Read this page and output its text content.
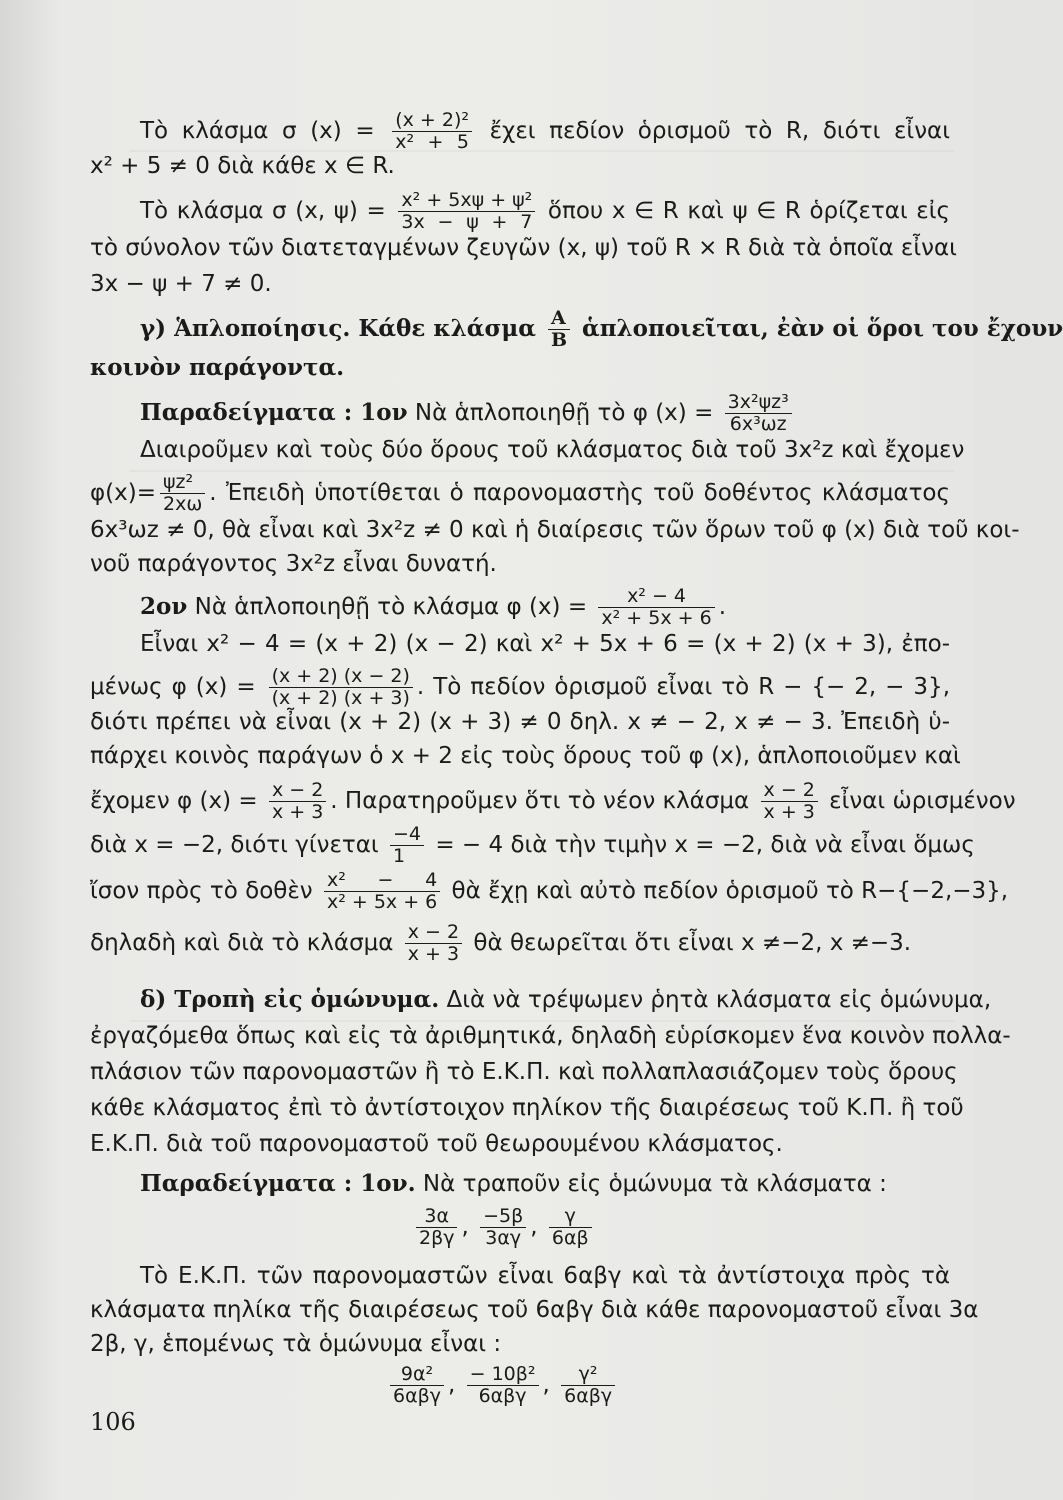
Τὸ κλάσμα σ $(x) = \frac{\text{(x + 2)²}}{\text{x² + 5}}$ ἔχει πεδίον ὁρισμοῦ τὸ R, διότι εἶναι
x² + 5 ≠ 0 διὰ κάθε x ∈ R.
Τὸ κλάσμα σ (x, $\psi) = \frac{\text{x² + 5xψ + ψ²}}{3x - \psi + 7}$ ὅπου x ∈ R καὶ ψ ∈ R ὁρίζεται εἰς
τὸ σύνολον τῶν διατεταγμένων ζευγῶν (x, ψ) τοῦ R × R διὰ τὰ ὁποῖα εἶναι
3x − ψ + 7 ≠ 0.
γ) Ἁπλοποίησις. Κάθε κλάσμα $\frac{A}{B}$ ἁπλοποιεῖται, ἐὰν οἱ ὅροι του ἔχουν
κοινὸν παράγοντα.
Παραδείγματα : 1ον Νὰ ἁπλοποιηθῇ τὸ φ $(x) = \frac{\text{3x²ψz³}}{\text{6x³ωz}}$
Διαιροῦμεν καὶ τοὺς δύο ὅρους τοῦ κλάσματος διὰ τοῦ 3x²z καὶ ἔχομεν
$\varphi(x)= \frac{\text{ψz²}}{2x\omega}$ . Ἐπειδὴ ὑποτίθεται ὁ παρονομαστὴς τοῦ δοθέντος κλάσματος
6x³ωz ≠ 0, θὰ εἶναι καὶ 3x²z ≠ 0 καὶ ἡ διαίρεσις τῶν ὅρων τοῦ φ (x) διὰ τοῦ κοι-
νοῦ παράγοντος 3x²z εἶναι δυνατή.
2ον Νὰ ἁπλοποιηθῇ τὸ κλάσμα φ $(x) = \frac{\text{x² − 4}}{\text{x² + 5x + 6}}$ .
Εἶναι x² − 4 = (x + 2) (x − 2) καὶ x² + 5x + 6 = (x + 2) (x + 3), ἐπο-
μένως φ $(x) = \frac{(x + 2) (x - 2)}{(x + 2) (x + 3)}$ . Τὸ πεδίον ὁρισμοῦ εἶναι τὸ R − {− 2, − 3},
διότι πρέπει νὰ εἶναι (x + 2) (x + 3) ≠ 0 δηλ. x ≠ − 2, x ≠ − 3. Ἐπειδὴ ὑ-
πάρχει κοινὸς παράγων ὁ x + 2 εἰς τοὺς ὅρους τοῦ φ (x), ἁπλοποιοῦμεν καὶ
ἔχομεν φ $(x) = \frac{x - 2}{x + 3}$ . Παρατηροῦμεν ὅτι τὸ νέον κλάσμα $\frac{x - 2}{x + 3}$ εἶναι ὡρισμένον
διὰ x = −2, διότι γίνεται $\frac{-4}{1}$ = − 4 διὰ τὴν τιμὴν x = −2, διὰ νὰ εἶναι ὅμως
ἴσον πρὸς τὸ δοθὲν $\frac{\text{x² − 4}}{\text{x² + 5x + 6}}$ θὰ ἔχῃ καὶ αὐτὸ πεδίον ὁρισμοῦ τὸ R−{−2,−3},
δηλαδὴ καὶ διὰ τὸ κλάσμα $\frac{x - 2}{x + 3}$ θὰ θεωρεῖται ὅτι εἶναι x ≠−2, x ≠−3.
δ) Τροπὴ εἰς ὁμώνυμα. Διὰ νὰ τρέψωμεν ῥητὰ κλάσματα εἰς ὁμώνυμα,
ἐργαζόμεθα ὅπως καὶ εἰς τὰ ἀριθμητικά, δηλαδὴ εὑρίσκομεν ἕνα κοινὸν πολλα-
πλάσιον τῶν παρονομαστῶν ἢ τὸ Ε.Κ.Π. καὶ πολλαπλασιάζομεν τοὺς ὅρους
κάθε κλάσματος ἐπὶ τὸ ἀντίστοιχον πηλίκον τῆς διαιρέσεως τοῦ Κ.Π. ἢ τοῦ
Ε.Κ.Π. διὰ τοῦ παρονομαστοῦ τοῦ θεωρουμένου κλάσματος.
Παραδείγματα : 1ον. Νὰ τραποῦν εἰς ὁμώνυμα τὰ κλάσματα :
$\frac{3\alpha}{2\beta\gamma}$ , $\frac{-5\beta}{3\alpha\gamma}$ , $\frac{\gamma}{6\alpha\beta}$
Τὸ Ε.Κ.Π. τῶν παρονομαστῶν εἶναι 6αβγ καὶ τὰ ἀντίστοιχα πρὸς τὰ
κλάσματα πηλίκα τῆς διαιρέσεως τοῦ 6αβγ διὰ κάθε παρονομαστοῦ εἶναι 3α
2β, γ, ἑπομένως τὰ ὁμώνυμα εἶναι :
9α²
6αβγ , − 10β²
6αβγ ,	γ²
6αβγ
106
